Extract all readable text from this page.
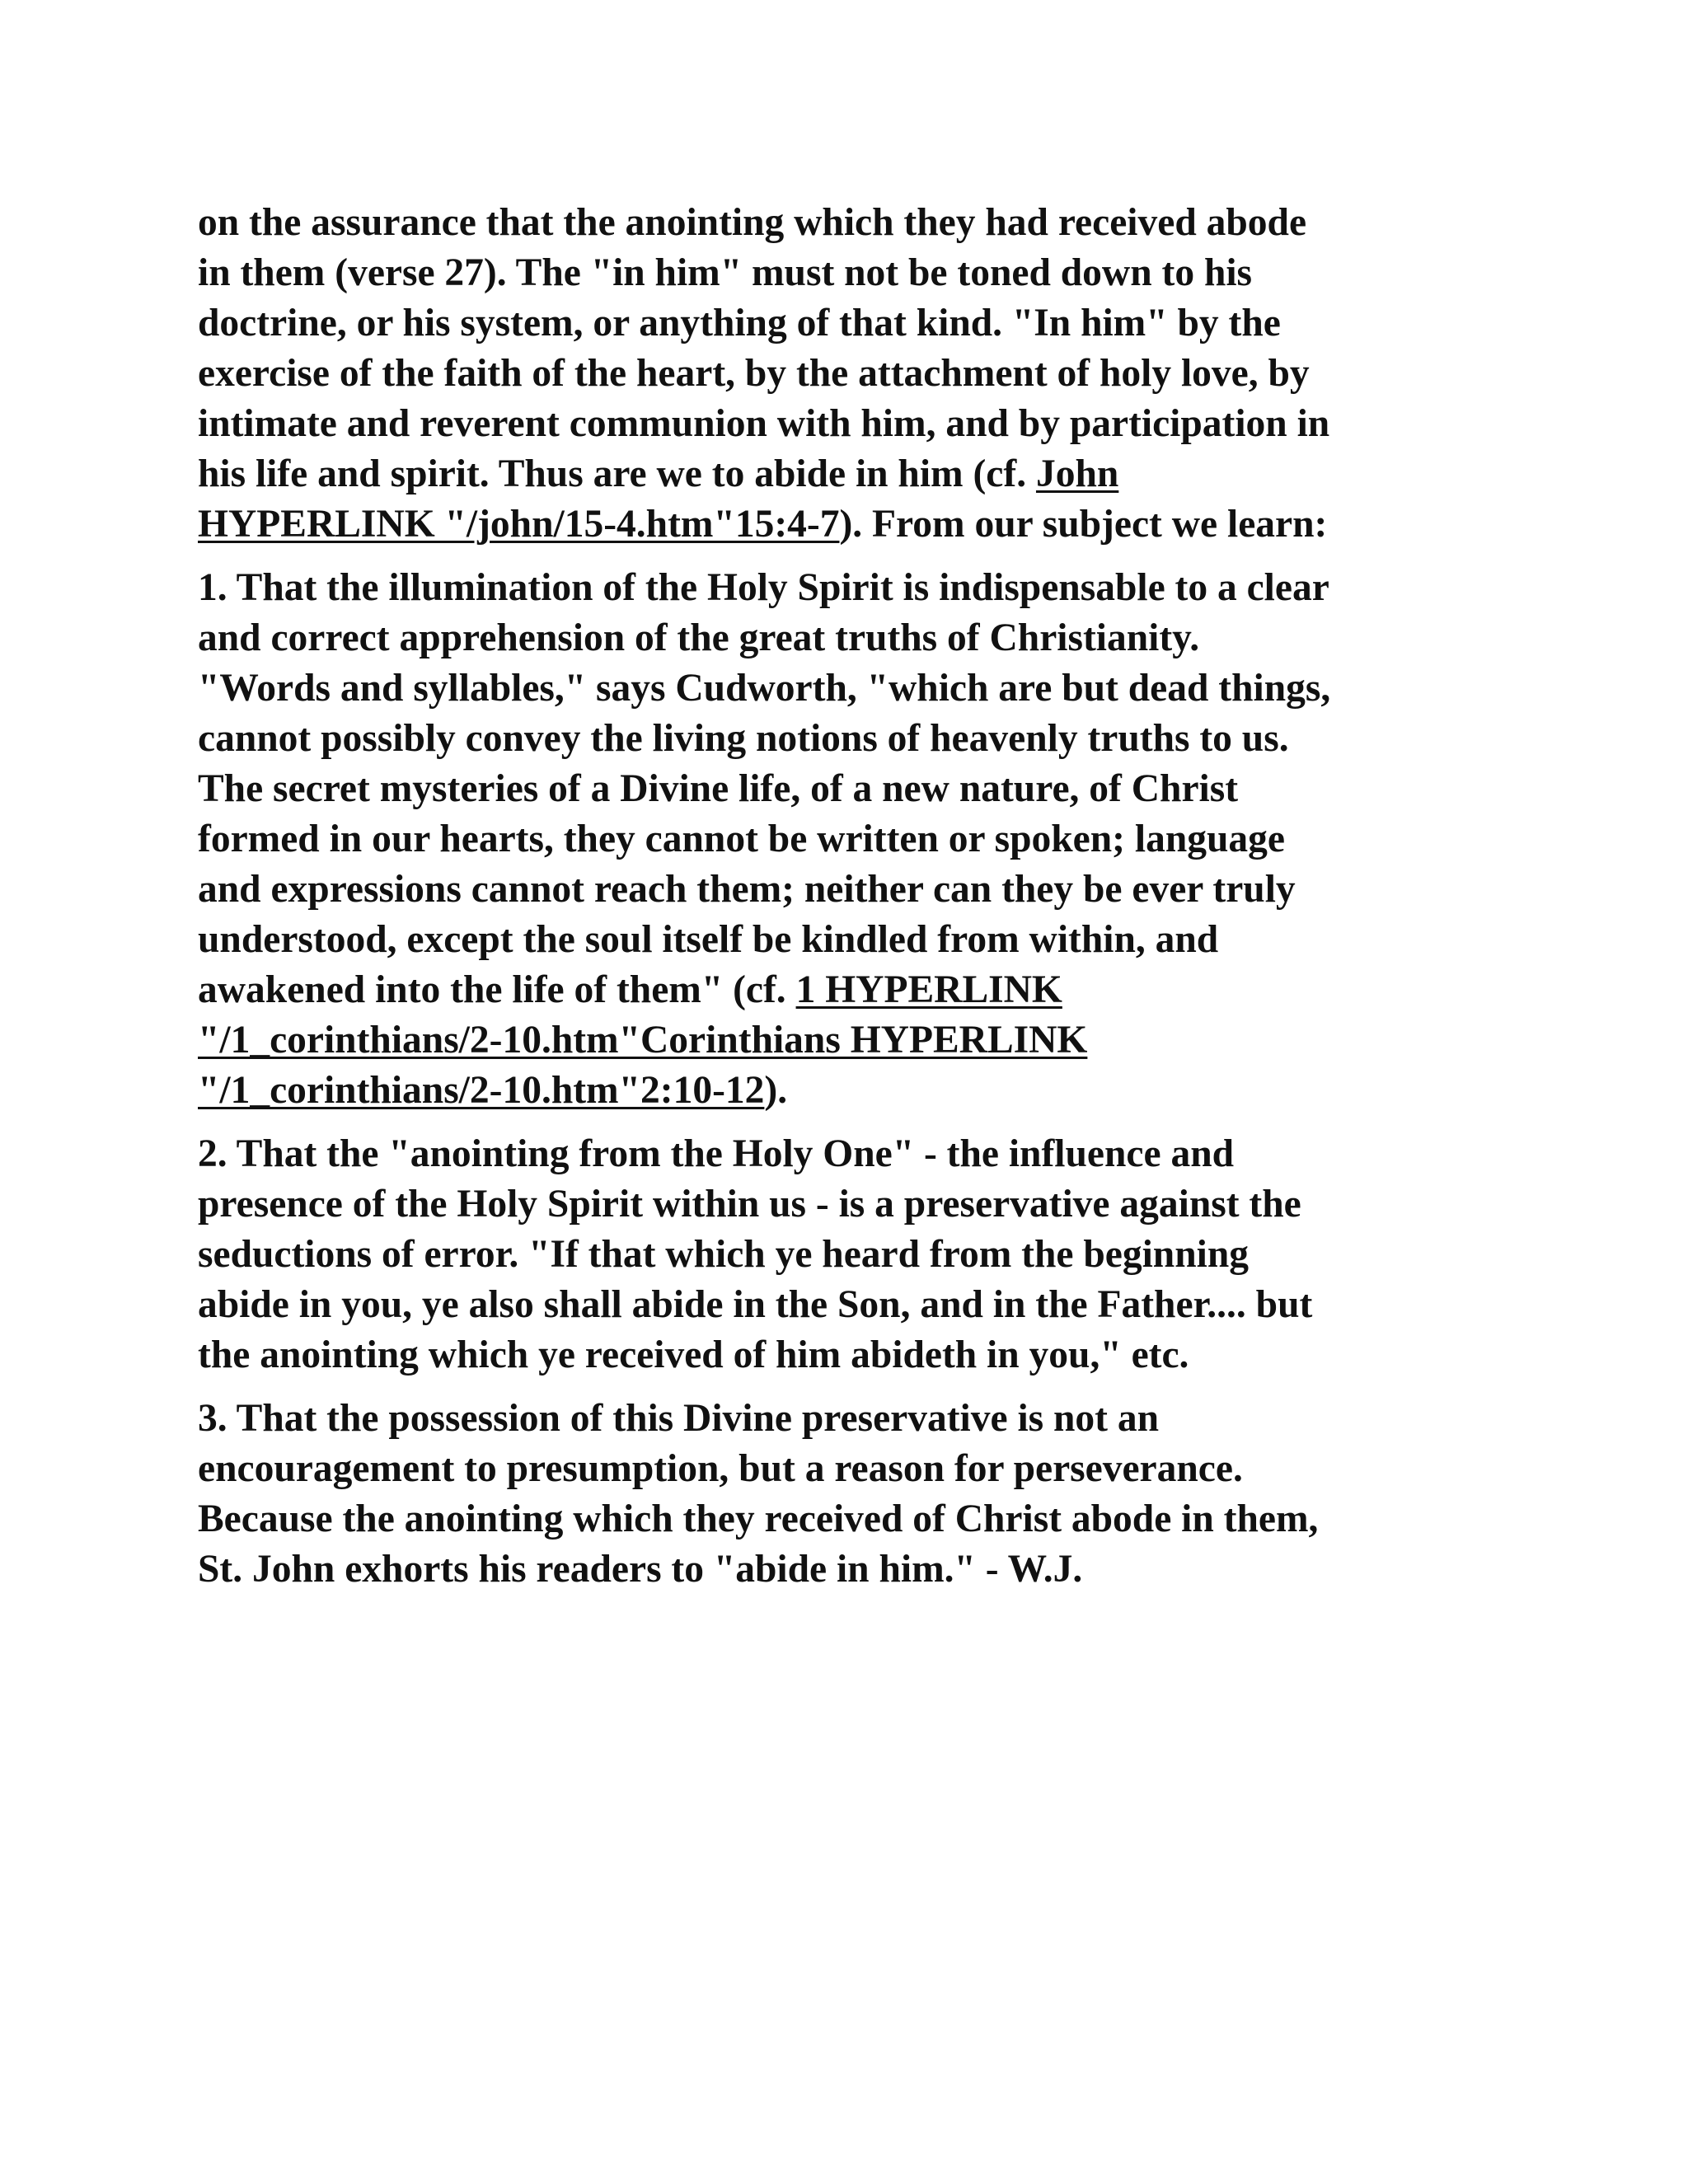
on the assurance that the anointing which they had received abode
in them (verse 27). The "in him" must not be toned down to his
doctrine, or his system, or anything of that kind. "In him" by the
exercise of the faith of the heart, by the attachment of holy love, by
intimate and reverent communion with him, and by participation in
his life and spirit. Thus are we to abide in him (cf. John
HYPERLINK "/john/15-4.htm"15:4-7). From our subject we learn:
1. That the illumination of the Holy Spirit is indispensable to a clear
and correct apprehension of the great truths of Christianity.
"Words and syllables," says Cudworth, "which are but dead things,
cannot possibly convey the living notions of heavenly truths to us.
The secret mysteries of a Divine life, of a new nature, of Christ
formed in our hearts, they cannot be written or spoken; language
and expressions cannot reach them; neither can they be ever truly
understood, except the soul itself be kindled from within, and
awakened into the life of them" (cf. 1 HYPERLINK
"/1_corinthians/2-10.htm"Corinthians HYPERLINK
"/1_corinthians/2-10.htm"2:10-12).
2. That the "anointing from the Holy One" - the influence and
presence of the Holy Spirit within us - is a preservative against the
seductions of error. "If that which ye heard from the beginning
abide in you, ye also shall abide in the Son, and in the Father.... but
the anointing which ye received of him abideth in you," etc.
3. That the possession of this Divine preservative is not an
encouragement to presumption, but a reason for perseverance.
Because the anointing which they received of Christ abode in them,
St. John exhorts his readers to "abide in him." - W.J.
